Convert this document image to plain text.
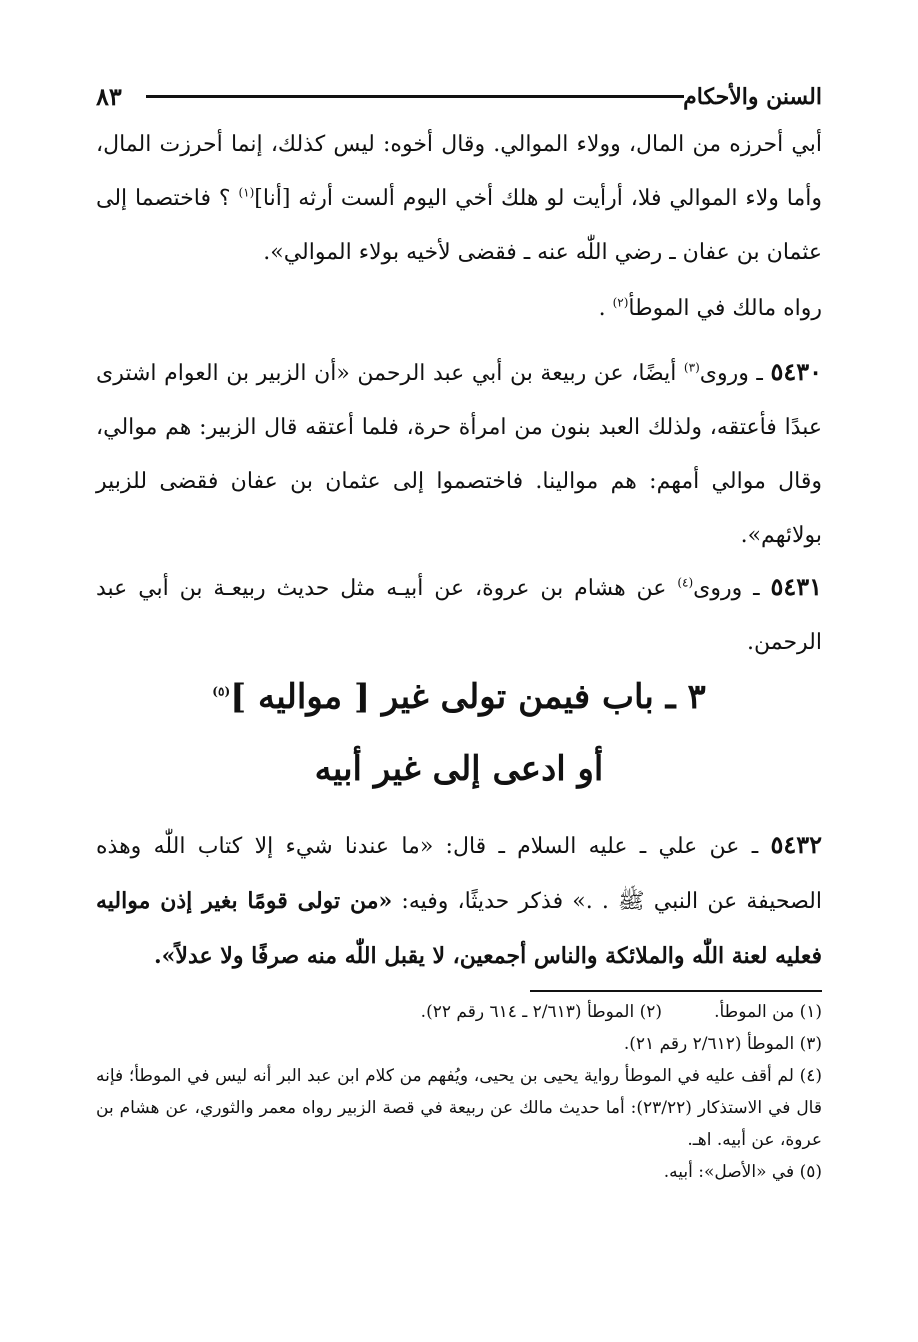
السنن والأحكام
٨٣
أبي أحرزه من المال، وولاء الموالي. وقال أخوه: ليس كذلك، إنما أحرزت المال، وأما ولاء الموالي فلا، أرأيت لو هلك أخي اليوم ألست أرثه [أنا]$^{(١)}$ ؟ فاختصما إلى عثمان بن عفان ـ رضي اللّٰه عنه ـ فقضى لأخيه بولاء الموالي».
رواه مالك في الموطأ$^{(٢)}$ .
٥٤٣٠ ـ وروى$^{(٣)}$ أيضًا، عن ربيعة بن أبي عبد الرحمن «أن الزبير بن العوام اشترى عبدًا فأعتقه، ولذلك العبد بنون من امرأة حرة، فلما أعتقه قال الزبير: هم موالي، وقال موالي أمهم: هم موالينا. فاختصموا إلى عثمان بن عفان فقضى للزبير بولائهم».
٥٤٣١ ـ وروى$^{(٤)}$ عن هشام بن عروة، عن أبيـه مثل حديث ربيعـة بن أبي عبد الرحمن.
٣ ـ باب فيمن تولى غير [ مواليه ]$^{(٥)}$
أو ادعى إلى غير أبيه
٥٤٣٢ ـ عن علي ـ عليه السلام ـ قال: «ما عندنا شيء إلا كتاب اللّٰه وهذه الصحيفة عن النبي ﷺ . .» فذكر حديثًا، وفيه: «من تولى قومًا بغير إذن مواليه فعليه لعنة اللّٰه والملائكة والناس أجمعين، لا يقبل اللّٰه منه صرفًا ولا عدلاً».
(١) من الموطأ.
(٢) الموطأ (٢/٦١٣ ـ ٦١٤ رقم ٢٢).
(٣) الموطأ (٢/٦١٢ رقم ٢١).
(٤) لم أقف عليه في الموطأ رواية يحيى بن يحيى، ويُفهم من كلام ابن عبد البر أنه ليس في الموطأ؛ فإنه قال في الاستذكار (٢٣/٢٢): أما حديث مالك عن ربيعة في قصة الزبير رواه معمر والثوري، عن هشام بن عروة، عن أبيه. اهـ.
(٥) في «الأصل»: أبيه.
